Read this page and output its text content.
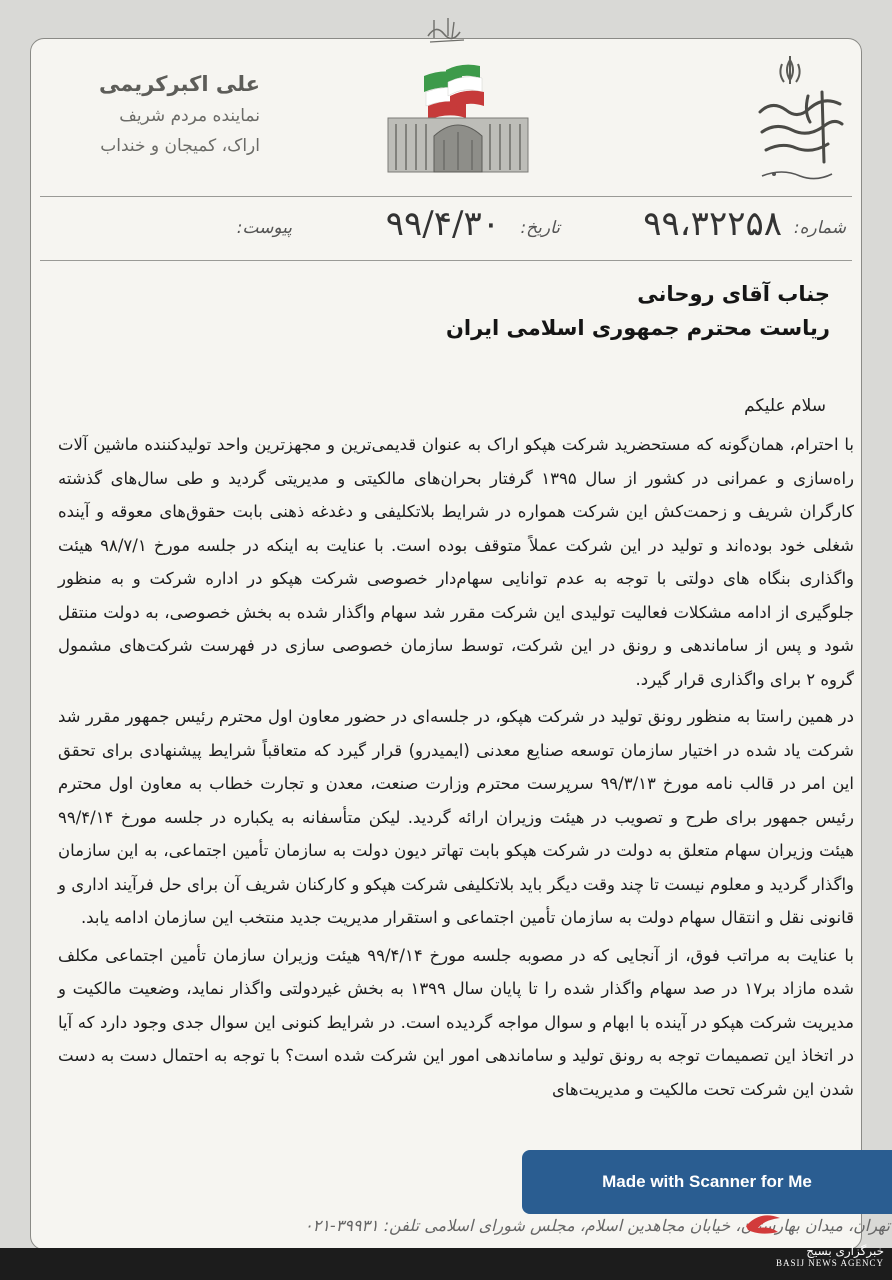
علی اکبرکریمی
نماینده مردم شریف
اراک، کمیجان و خنداب
شماره:
۹۹،۳۲۲۵۸
تاریخ:
۹۹/۴/۳۰
پیوست:
جناب آقای روحانی
ریاست محترم جمهوری اسلامی ایران
سلام علیکم

با احترام، همان‌گونه که مستحضرید شرکت هپکو اراک به عنوان قدیمی‌ترین و مجهزترین واحد تولیدکننده ماشین آلات راه‌سازی و عمرانی در کشور از سال ۱۳۹۵ گرفتار بحران‌های مالکیتی و مدیریتی گردید و طی سال‌های گذشته کارگران شریف و زحمت‌کش این شرکت همواره در شرایط بلاتکلیفی و دغدغه ذهنی بابت حقوق‌های معوقه و آینده شغلی خود بوده‌اند و تولید در این شرکت عملاً متوقف بوده است. با عنایت به اینکه در جلسه مورخ ۹۸/۷/۱ هیئت واگذاری بنگاه های دولتی با توجه به عدم توانایی سهام‌دار خصوصی شرکت هپکو در اداره شرکت و به منظور جلوگیری از ادامه مشکلات فعالیت تولیدی این شرکت مقرر شد سهام واگذار شده به بخش خصوصی، به دولت منتقل شود و پس از ساماندهی و رونق در این شرکت، توسط سازمان خصوصی سازی در فهرست شرکت‌های مشمول گروه ۲ برای واگذاری قرار گیرد.

در همین راستا به منظور رونق تولید در شرکت هپکو، در جلسه‌ای در حضور معاون اول محترم رئیس جمهور مقرر شد شرکت یاد شده در اختیار سازمان توسعه صنایع معدنی (ایمیدرو) قرار گیرد که متعاقباً شرایط پیشنهادی برای تحقق این امر در قالب نامه مورخ ۹۹/۳/۱۳ سرپرست محترم وزارت صنعت، معدن و تجارت خطاب به معاون اول محترم رئیس جمهور برای طرح و تصویب در هیئت وزیران ارائه گردید. لیکن متأسفانه به یکباره در جلسه مورخ ۹۹/۴/۱۴ هیئت وزیران سهام متعلق به دولت در شرکت هپکو بابت تهاتر دیون دولت به سازمان تأمین اجتماعی، به این سازمان واگذار گردید و معلوم نیست تا چند وقت دیگر باید بلاتکلیفی شرکت هپکو و کارکنان شریف آن برای حل فرآیند اداری و قانونی نقل و انتقال سهام دولت به سازمان تأمین اجتماعی و استقرار مدیریت جدید منتخب این سازمان ادامه یابد.

با عنایت به مراتب فوق، از آنجایی که در مصوبه جلسه مورخ ۹۹/۴/۱۴ هیئت وزیران سازمان تأمین اجتماعی مکلف شده مازاد بر۱۷ در صد سهام واگذار شده را تا پایان سال ۱۳۹۹ به بخش غیردولتی واگذار نماید، وضعیت مالکیت و مدیریت شرکت هپکو در آینده با ابهام و سوال مواجه گردیده است. در شرایط کنونی این سوال جدی وجود دارد که آیا در اتخاذ این تصمیمات توجه به رونق تولید و ساماندهی امور این شرکت شده است؟ با توجه به احتمال دست به دست شدن این شرکت تحت مالکیت و مدیریت‌های

تهران، میدان بهارستان، خیابان مجاهدین اسلام، مجلس شورای اسلامی تلفن: ۳۹۹۳۱-۰۲۱
Made with Scanner for Me
خبرگزاری بسیج
BASIJ NEWS AGENCY
